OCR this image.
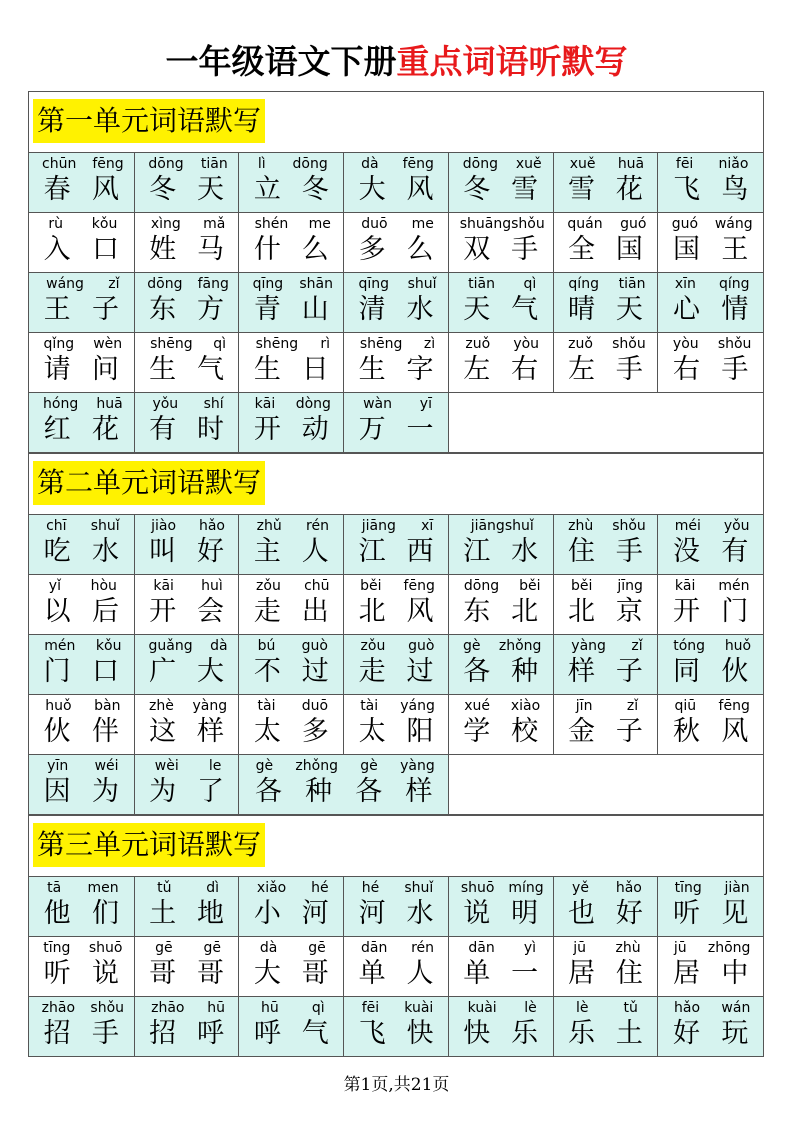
一年级语文下册重点词语听默写
第一单元词语默写
chūn fēng
春 风
dōng tiān
冬 天
lì dōng
立 冬
dà fēng
大 风
dōng xuě
冬 雪
xuě huā
雪 花
fēi niǎo
飞 鸟
rù kǒu
入 口
xìng mǎ
姓 马
shén me
什 么
duō me
多 么
shuāngshǒu
双 手
quán guó
全 国
guó wáng
国 王
wáng zǐ
王 子
dōng fāng
东 方
qīng shān
青 山
qīng shuǐ
清 水
tiān qì
天 气
qíng tiān
晴 天
xīn qíng
心 情
qǐng wèn
请 问
shēng qì
生 气
shēng rì
生 日
shēng zì
生 字
zuǒ yòu
左 右
zuǒ shǒu
左 手
yòu shǒu
右 手
hóng huā
红 花
yǒu shí
有 时
kāi dòng
开 动
wàn yī
万 一
第二单元词语默写
chī shuǐ
吃 水
jiào hǎo
叫 好
zhǔ rén
主 人
jiāng xī
江 西
jiāngshuǐ
江 水
zhù shǒu
住 手
méi yǒu
没 有
yǐ hòu
以 后
kāi huì
开 会
zǒu chū
走 出
běi fēng
北 风
dōng běi
东 北
běi jīng
北 京
kāi mén
开 门
mén kǒu
门 口
guǎng dà
广 大
bú guò
不 过
zǒu guò
走 过
gè zhǒng
各 种
yàng zǐ
样 子
tóng huǒ
同 伙
huǒ bàn
伙 伴
zhè yàng
这 样
tài duō
太 多
tài yáng
太 阳
xué xiào
学 校
jīn zǐ
金 子
qiū fēng
秋 风
yīn wéi
因 为
wèi le
为 了
gè zhǒng gè yàng
各 种 各 样
第三单元词语默写
tā men
他 们
tǔ dì
土 地
xiǎo hé
小 河
hé shuǐ
河 水
shuō míng
说 明
yě hǎo
也 好
tīng jiàn
听 见
tīng shuō
听 说
gē gē
哥 哥
dà gē
大 哥
dān rén
单 人
dān yì
单 一
jū zhù
居 住
jū zhōng
居 中
zhāo shǒu
招 手
zhāo hū
招 呼
hū qì
呼 气
fēi kuài
飞 快
kuài lè
快 乐
lè tǔ
乐 土
hǎo wán
好 玩
第1页,共21页
